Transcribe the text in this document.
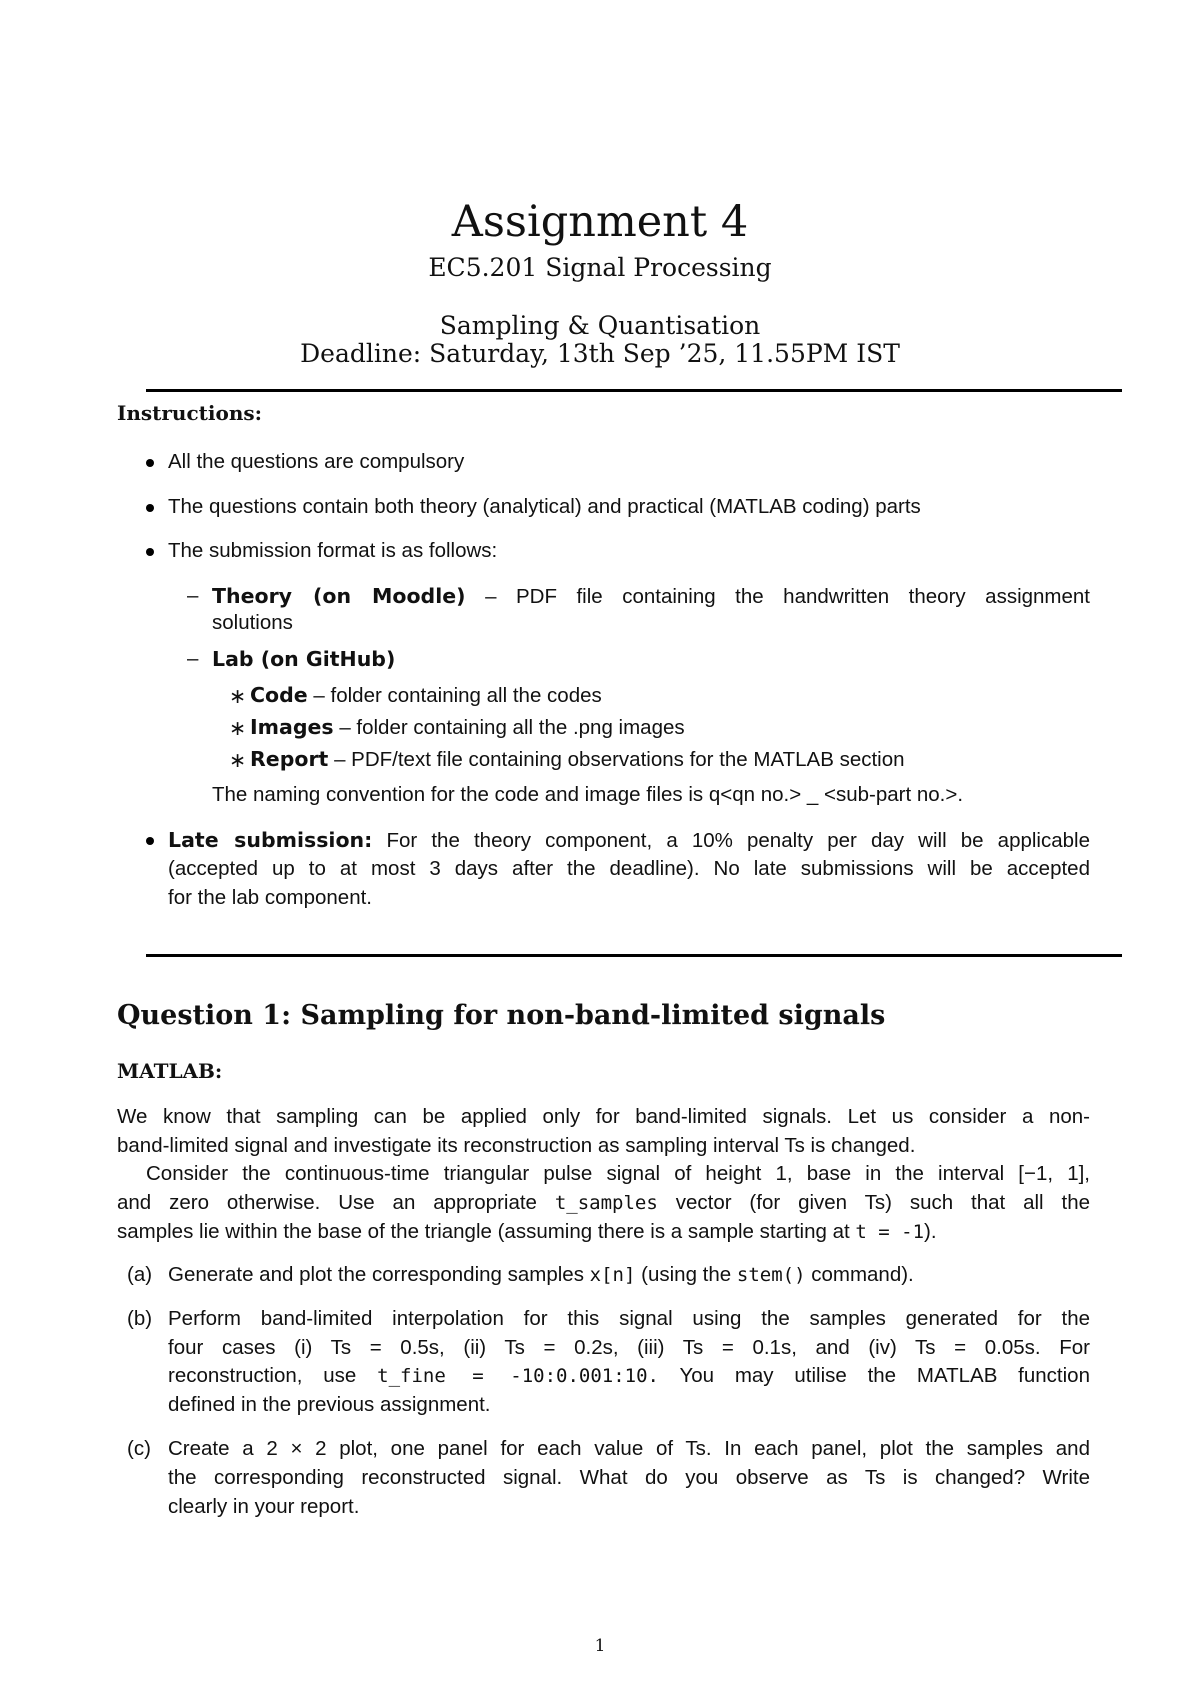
Assignment 4
EC5.201 Signal Processing
Sampling & Quantisation
Deadline: Saturday, 13th Sep ’25, 11.55PM IST
Instructions:
All the questions are compulsory
The questions contain both theory (analytical) and practical (MATLAB coding) parts
The submission format is as follows:
– Theory (on Moodle) – PDF file containing the handwritten theory assignment
solutions
– Lab (on GitHub)
∗ Code – folder containing all the codes
∗ Images – folder containing all the .png images
∗ Report – PDF/text file containing observations for the MATLAB section
The naming convention for the code and image files is q<qn no.> _ <sub-part no.>.
Late submission: For the theory component, a 10% penalty per day will be applicable
(accepted up to at most 3 days after the deadline). No late submissions will be accepted
for the lab component.
Question 1: Sampling for non-band-limited signals
MATLAB:
We know that sampling can be applied only for band-limited signals. Let us consider a non-
band-limited signal and investigate its reconstruction as sampling interval Ts is changed.
Consider the continuous-time triangular pulse signal of height 1, base in the interval [−1, 1],
and zero otherwise. Use an appropriate t_samples vector (for given Ts) such that all the
samples lie within the base of the triangle (assuming there is a sample starting at t = -1).
(a) Generate and plot the corresponding samples x[n] (using the stem() command).
(b) Perform band-limited interpolation for this signal using the samples generated for the
four cases (i) Ts = 0.5s, (ii) Ts = 0.2s, (iii) Ts = 0.1s, and (iv) Ts = 0.05s. For
reconstruction, use t_fine = -10:0.001:10. You may utilise the MATLAB function
defined in the previous assignment.
(c) Create a 2 × 2 plot, one panel for each value of Ts. In each panel, plot the samples and
the corresponding reconstructed signal. What do you observe as Ts is changed? Write
clearly in your report.
1
